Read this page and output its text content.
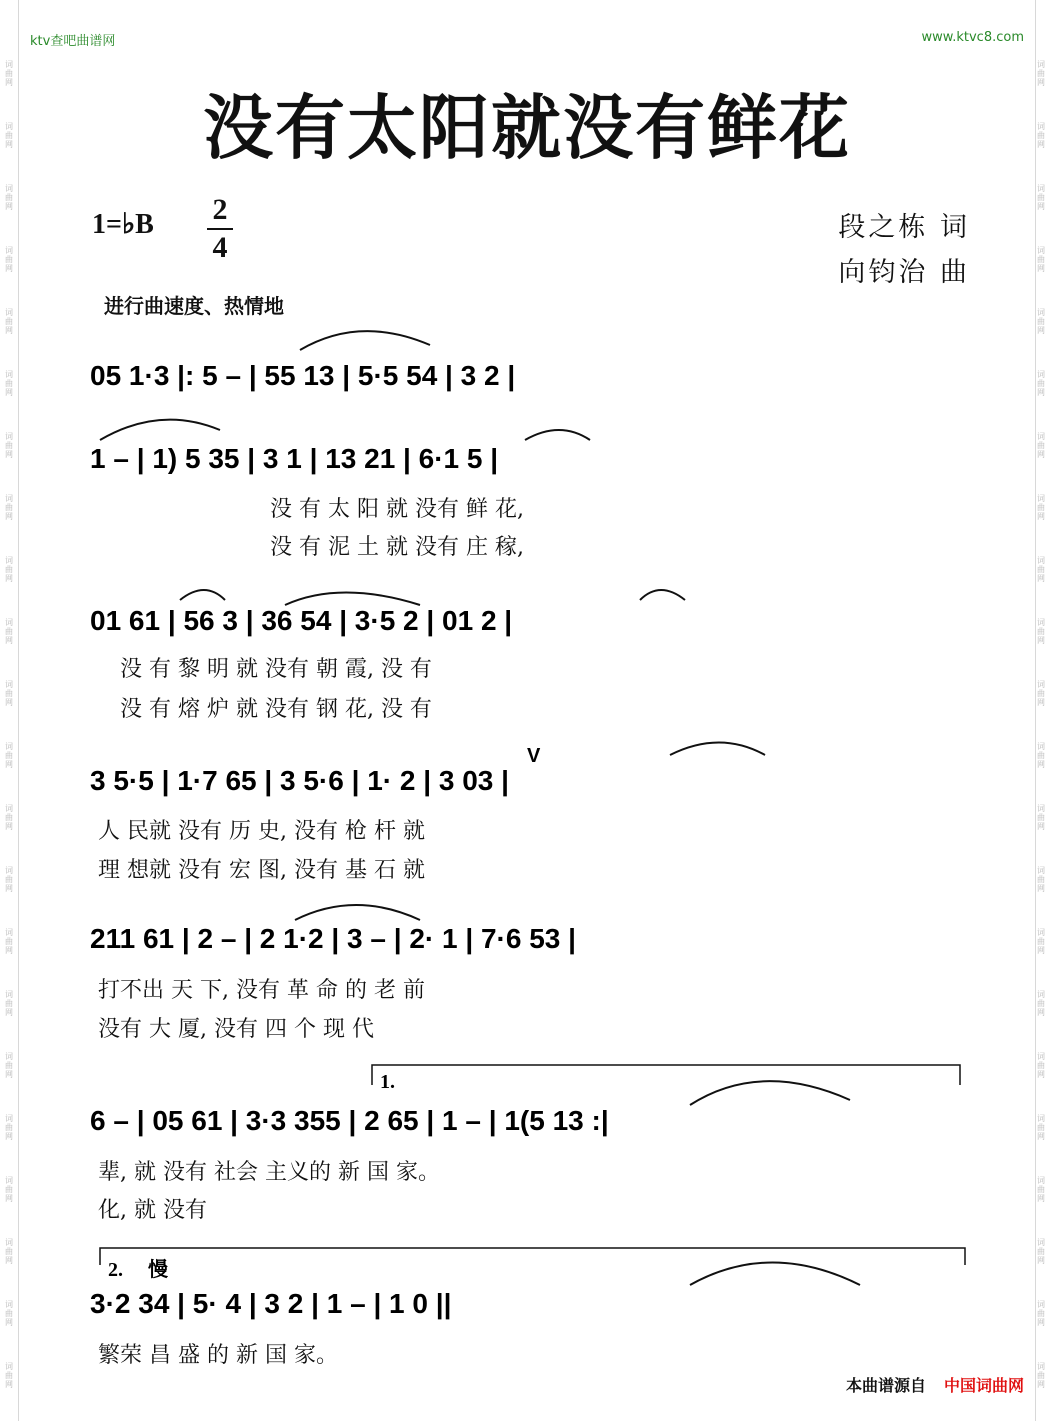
词曲网
词曲网
词曲网
词曲网
词曲网
词曲网
词曲网
词曲网
词曲网
词曲网
词曲网
词曲网
词曲网
词曲网
词曲网
词曲网
词曲网
词曲网
词曲网
词曲网
词曲网
词曲网
词曲网
词曲网
词曲网
词曲网
词曲网
词曲网
词曲网
词曲网
词曲网
词曲网
词曲网
词曲网
词曲网
词曲网
词曲网
词曲网
词曲网
词曲网
词曲网
词曲网
词曲网
词曲网
ktv查吧曲谱网	www.ktvc8.com
没有太阳就没有鲜花
1=♭B 2
4
段之栋 词
向钧治 曲
进行曲速度、热情地
05 1·3 |: 5 – | 55 13 | 5·5 54 | 3 2 |
1 – | 1) 5 35 | 3 1 | 13 21 | 6·1 5 |
01 61 | 56 3 | 36 54 | 3·5 2 | 01 2 |
3 5·5 | 1·7 65 | 3 5·6 | 1· 2 | 3 03 |
211 61 | 2 – | 2 1·2 | 3 – | 2· 1 | 7·6 53 |
6 – | 05 61 | 3·3 355 | 2 65 | 1 – | 1(5 13 :|
3·2 34 | 5· 4 | 3 2 | 1 – | 1 0 ||
1.
2. 慢
V
没 有 太 阳 就 没有 鲜 花,
没 有 泥 土 就 没有 庄 稼,
没 有 黎 明 就 没有 朝 霞, 没 有
没 有 熔 炉 就 没有 钢 花, 没 有
人 民就 没有 历 史, 没有 枪 杆 就
理 想就 没有 宏 图, 没有 基 石 就
打不出 天 下, 没有 革 命 的 老 前
没有 大 厦, 没有 四 个 现 代
辈, 就 没有 社会 主义的 新 国 家。
化, 就 没有
繁荣 昌 盛 的 新 国 家。
本曲谱源自 中国词曲网
